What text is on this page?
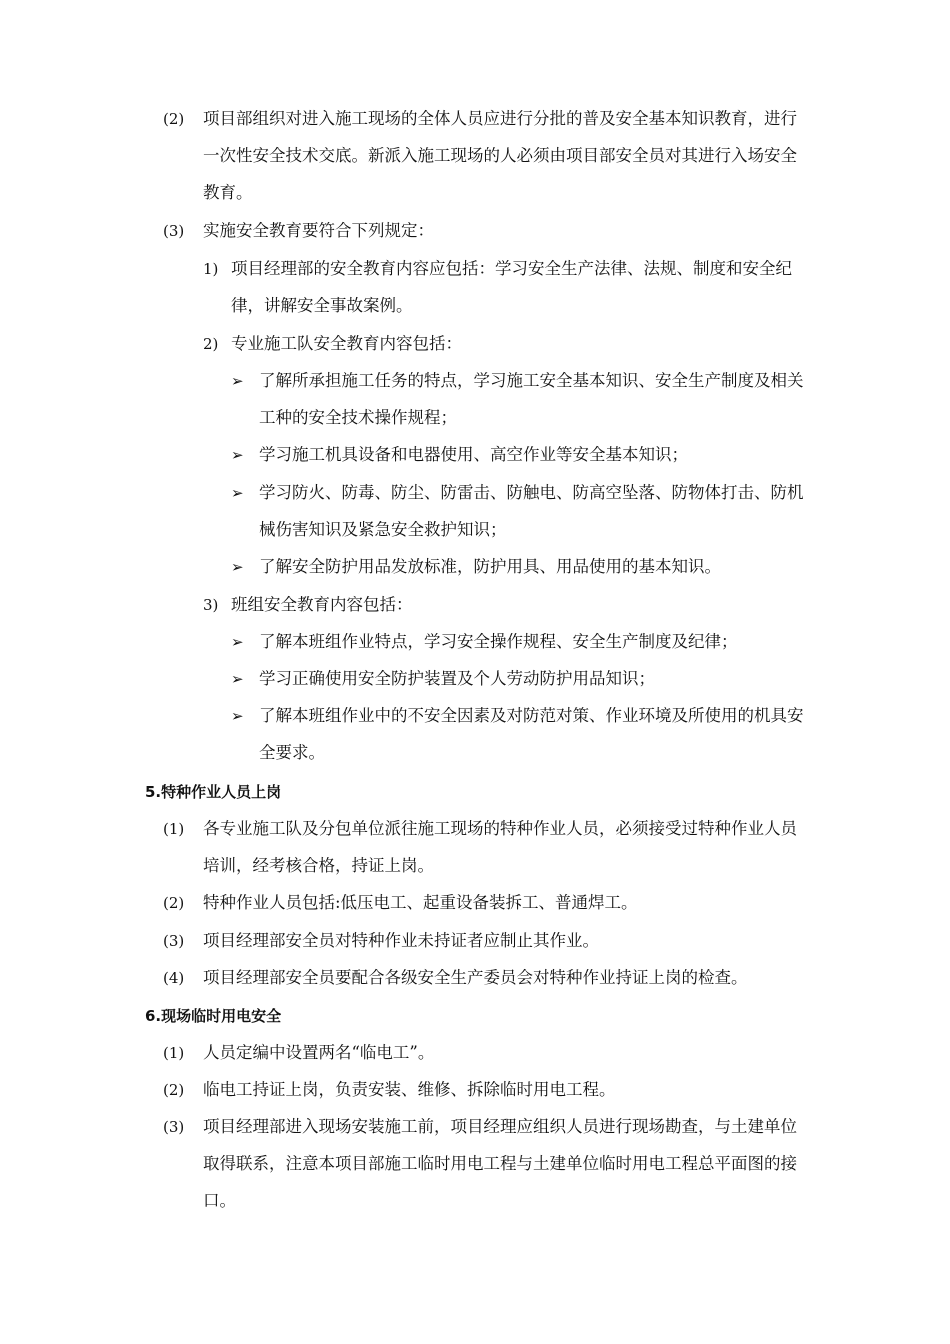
(2) 项目部组织对进入施工现场的全体人员应进行分批的普及安全基本知识教育，进行
一次性安全技术交底。新派入施工现场的人必须由项目部安全员对其进行入场安全
教育。
(3) 实施安全教育要符合下列规定：
1) 项目经理部的安全教育内容应包括：学习安全生产法律、法规、制度和安全纪
律，讲解安全事故案例。
2) 专业施工队安全教育内容包括：
➢ 了解所承担施工任务的特点，学习施工安全基本知识、安全生产制度及相关
工种的安全技术操作规程；
➢ 学习施工机具设备和电器使用、高空作业等安全基本知识；
➢ 学习防火、防毒、防尘、防雷击、防触电、防高空坠落、防物体打击、防机
械伤害知识及紧急安全救护知识；
➢ 了解安全防护用品发放标准，防护用具、用品使用的基本知识。
3) 班组安全教育内容包括：
➢ 了解本班组作业特点，学习安全操作规程、安全生产制度及纪律；
➢ 学习正确使用安全防护装置及个人劳动防护用品知识；
➢ 了解本班组作业中的不安全因素及对防范对策、作业环境及所使用的机具安
全要求。
5.特种作业人员上岗
(1) 各专业施工队及分包单位派往施工现场的特种作业人员，必须接受过特种作业人员
培训，经考核合格，持证上岗。
(2) 特种作业人员包括:低压电工、起重设备装拆工、普通焊工。
(3) 项目经理部安全员对特种作业未持证者应制止其作业。
(4) 项目经理部安全员要配合各级安全生产委员会对特种作业持证上岗的检查。
6.现场临时用电安全
(1) 人员定编中设置两名“临电工”。
(2) 临电工持证上岗，负责安装、维修、拆除临时用电工程。
(3) 项目经理部进入现场安装施工前，项目经理应组织人员进行现场勘查，与土建单位
取得联系，注意本项目部施工临时用电工程与土建单位临时用电工程总平面图的接
口。
